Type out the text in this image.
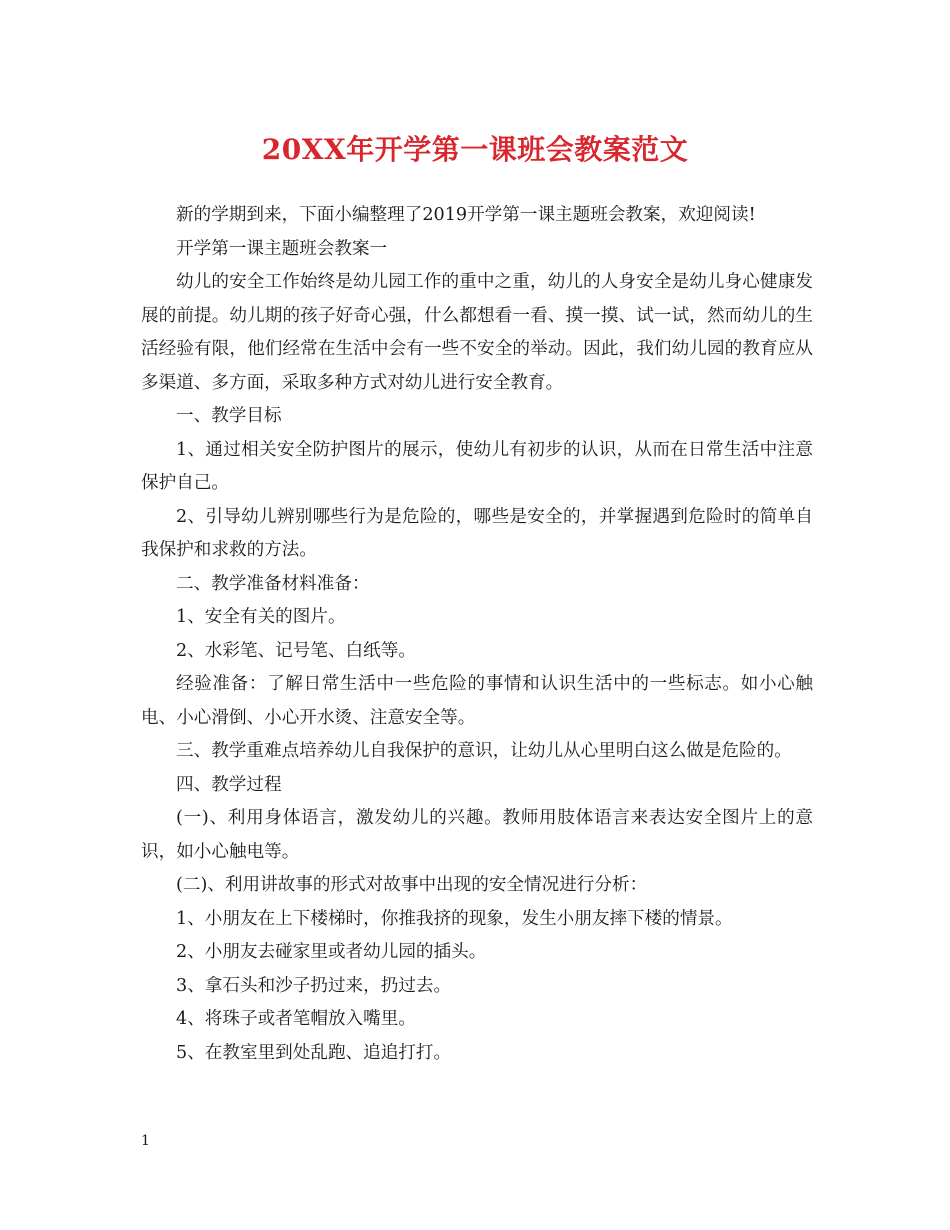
20XX年开学第一课班会教案范文

新的学期到来，下面小编整理了2019开学第一课主题班会教案，欢迎阅读!

开学第一课主题班会教案一

幼儿的安全工作始终是幼儿园工作的重中之重，幼儿的人身安全是幼儿身心健康发展的前提。幼儿期的孩子好奇心强，什么都想看一看、摸一摸、试一试，然而幼儿的生活经验有限，他们经常在生活中会有一些不安全的举动。因此，我们幼儿园的教育应从多渠道、多方面，采取多种方式对幼儿进行安全教育。

一、教学目标

1、通过相关安全防护图片的展示，使幼儿有初步的认识，从而在日常生活中注意保护自己。

2、引导幼儿辨别哪些行为是危险的，哪些是安全的，并掌握遇到危险时的简单自我保护和求救的方法。

二、教学准备材料准备：

1、安全有关的图片。

2、水彩笔、记号笔、白纸等。

经验准备：了解日常生活中一些危险的事情和认识生活中的一些标志。如小心触电、小心滑倒、小心开水烫、注意安全等。

三、教学重难点培养幼儿自我保护的意识，让幼儿从心里明白这么做是危险的。

四、教学过程

(一)、利用身体语言，激发幼儿的兴趣。教师用肢体语言来表达安全图片上的意识，如小心触电等。

(二)、利用讲故事的形式对故事中出现的安全情况进行分析：

1、小朋友在上下楼梯时，你推我挤的现象，发生小朋友摔下楼的情景。

2、小朋友去碰家里或者幼儿园的插头。

3、拿石头和沙子扔过来，扔过去。

4、将珠子或者笔帽放入嘴里。

5、在教室里到处乱跑、追追打打。

1
